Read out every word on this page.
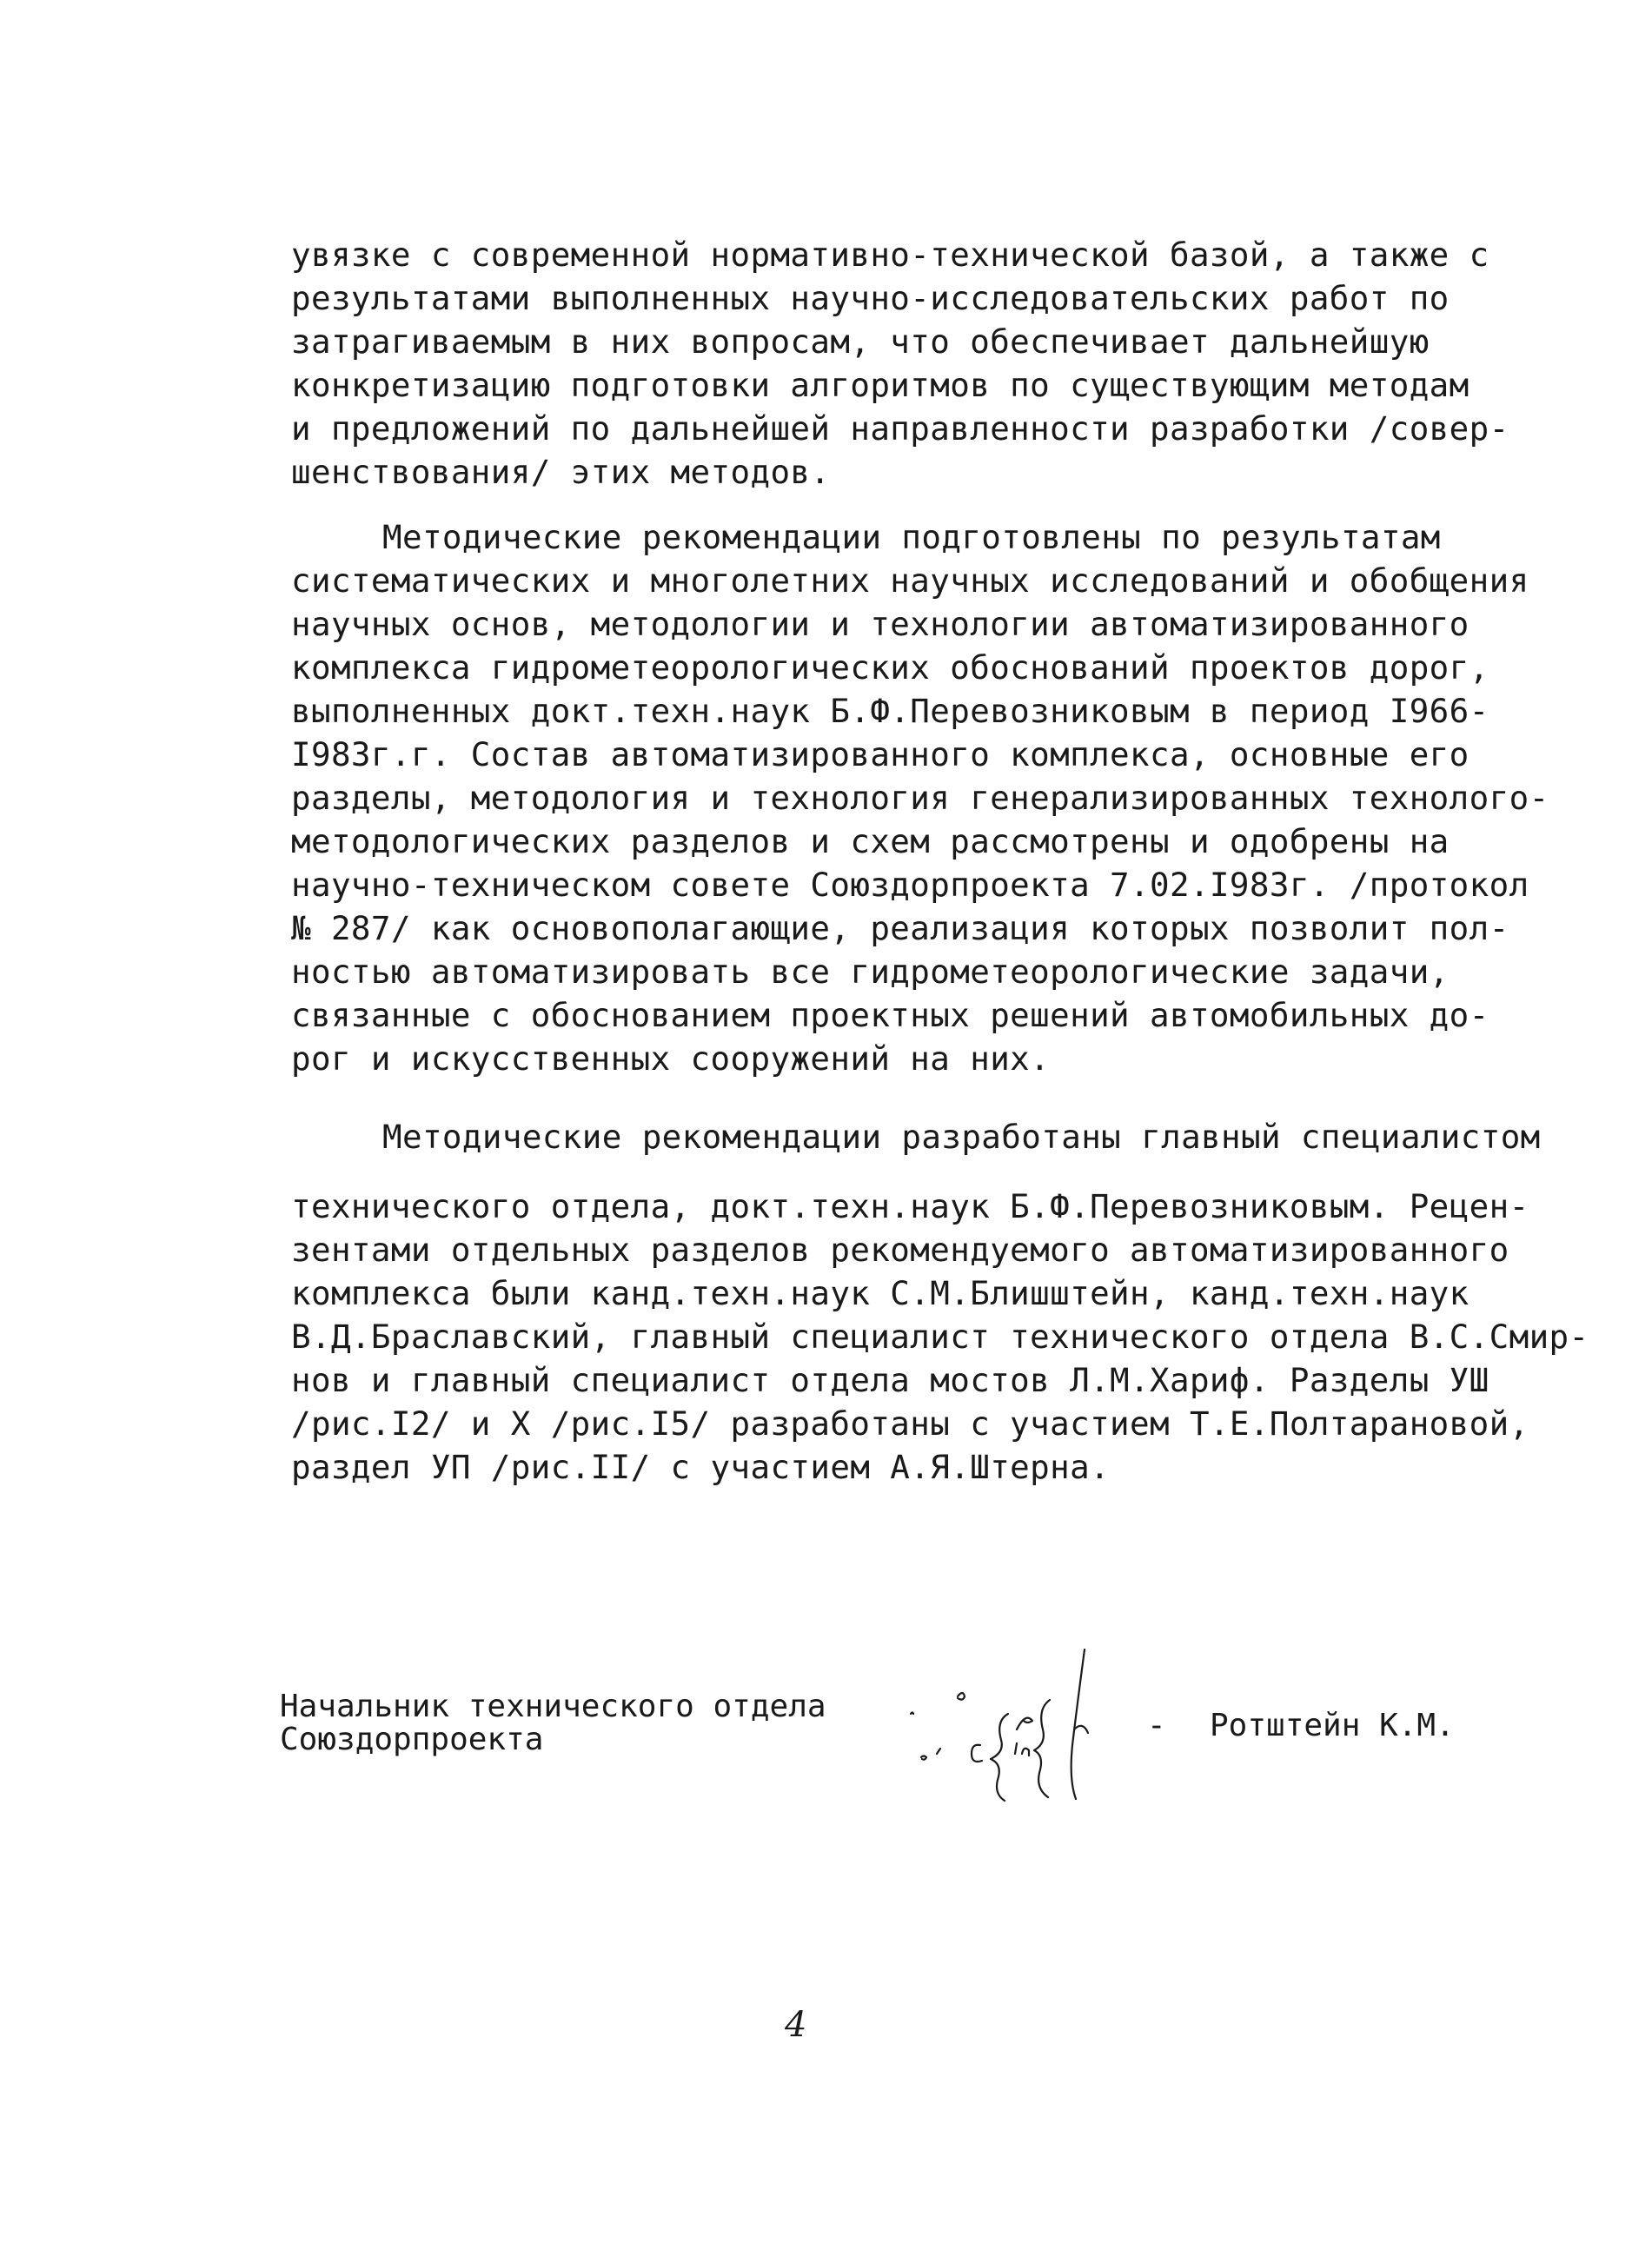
увязке с современной нормативно-технической базой, а также с
результатами выполненных научно-исследовательских работ по
затрагиваемым в них вопросам, что обеспечивает дальнейшую
конкретизацию подготовки алгоритмов по существующим методам
и предложений по дальнейшей направленности разработки /совер-
шенствования/ этих методов.
Методические рекомендации подготовлены по результатам
систематических и многолетних научных исследований и обобщения
научных основ, методологии и технологии автоматизированного
комплекса гидрометеорологических обоснований проектов дорог,
выполненных докт.техн.наук Б.Ф.Перевозниковым в период I966-
I983г.г. Состав автоматизированного комплекса, основные его
разделы, методология и технология генерализированных технолого-
методологических разделов и схем рассмотрены и одобрены на
научно-техническом совете Союздорпроекта 7.02.I983г. /протокол
№ 287/ как основополагающие, реализация которых позволит пол-
ностью автоматизировать все гидрометеорологические задачи,
связанные с обоснованием проектных решений автомобильных до-
рог и искусственных сооружений на них.
Методические рекомендации разработаны главный специалистом
технического отдела, докт.техн.наук Б.Ф.Перевозниковым. Рецен-
зентами отдельных разделов рекомендуемого автоматизированного
комплекса были канд.техн.наук С.М.Блишштейн, канд.техн.наук
В.Д.Браславский, главный специалист технического отдела В.С.Смир-
нов и главный специалист отдела мостов Л.М.Хариф. Разделы УШ
/рис.I2/ и Х /рис.I5/ разработаны с участием Т.Е.Полтарановой,
раздел УП /рис.II/ с участием А.Я.Штерна.
Начальник технического отдела
Союздорпроекта	- Ротштейн К.М.
4
